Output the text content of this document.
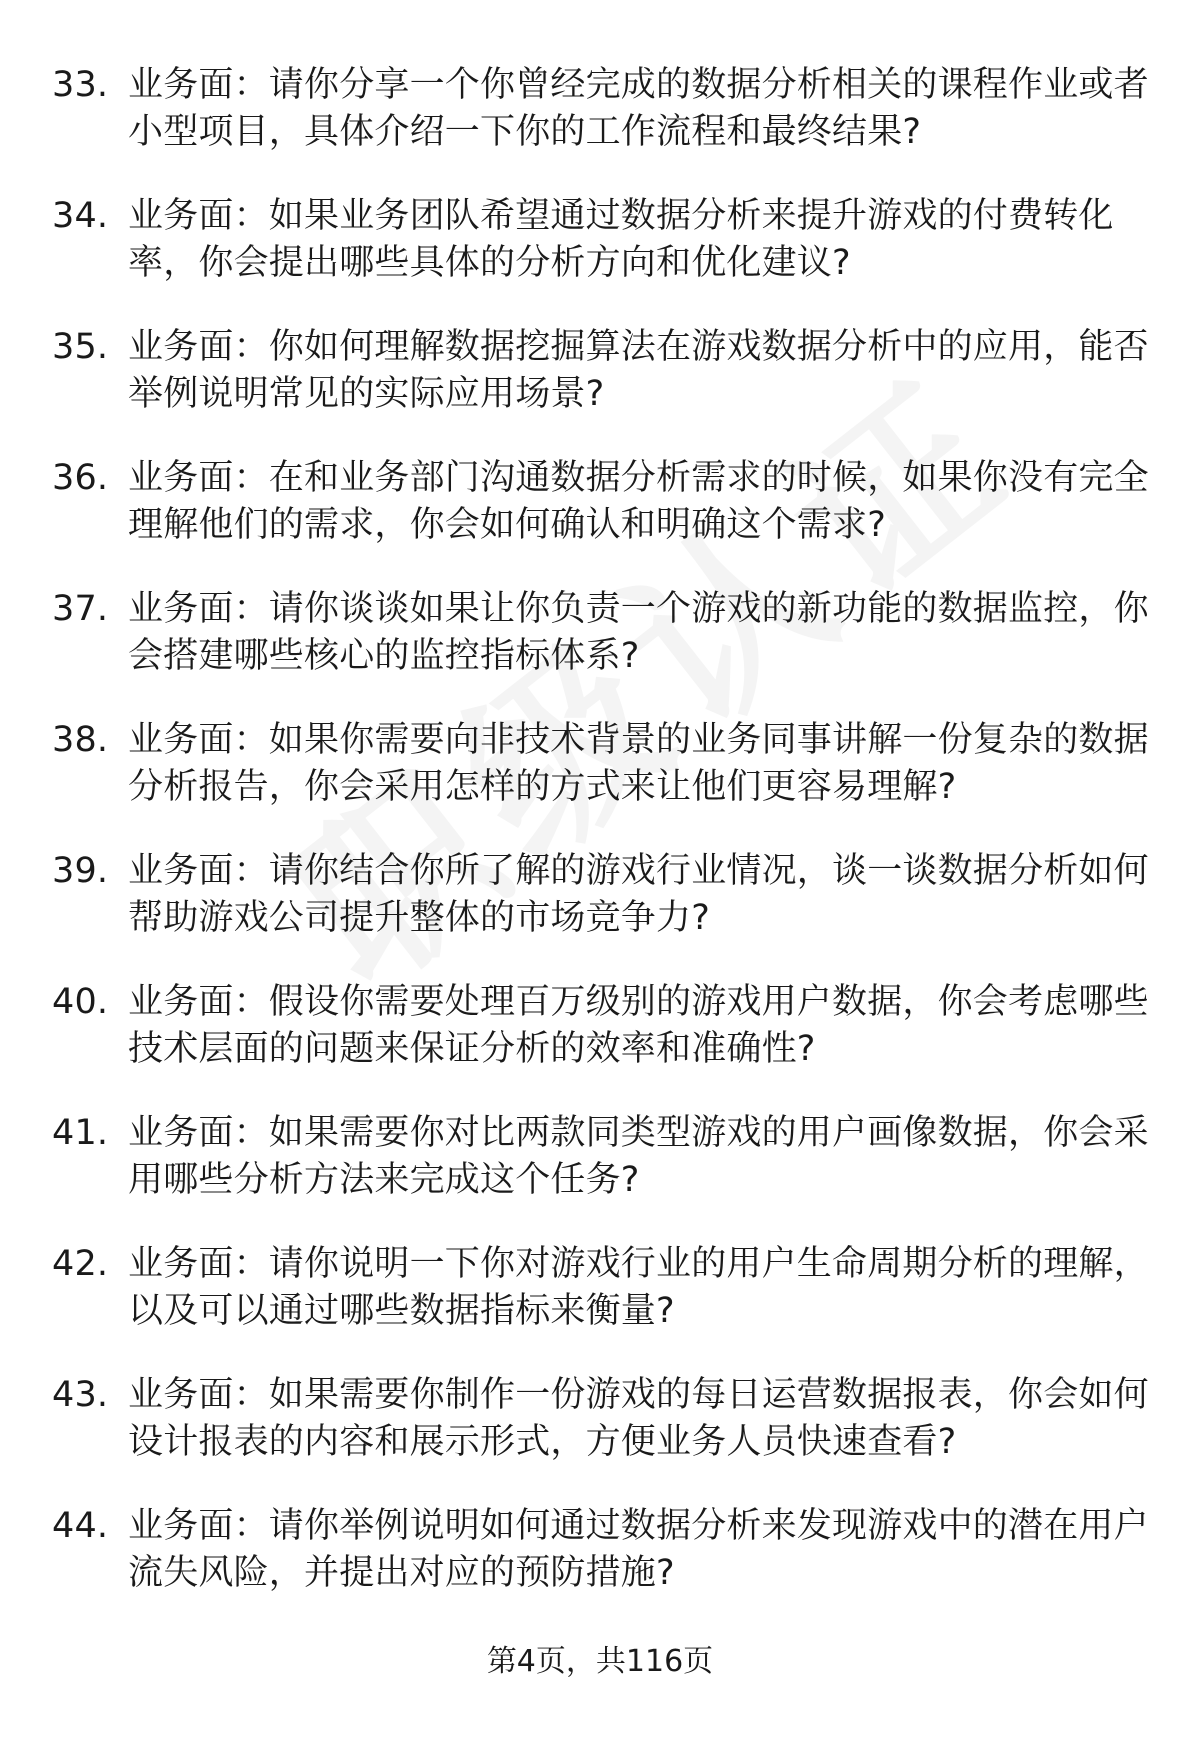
33. 业务面：请你分享一个你曾经完成的数据分析相关的课程作业或者小型项目，具体介绍一下你的工作流程和最终结果?
34. 业务面：如果业务团队希望通过数据分析来提升游戏的付费转化率，你会提出哪些具体的分析方向和优化建议?
35. 业务面：你如何理解数据挖掘算法在游戏数据分析中的应用，能否举例说明常见的实际应用场景?
36. 业务面：在和业务部门沟通数据分析需求的时候，如果你没有完全理解他们的需求，你会如何确认和明确这个需求?
37. 业务面：请你谈谈如果让你负责一个游戏的新功能的数据监控，你会搭建哪些核心的监控指标体系?
38. 业务面：如果你需要向非技术背景的业务同事讲解一份复杂的数据分析报告，你会采用怎样的方式来让他们更容易理解?
39. 业务面：请你结合你所了解的游戏行业情况，谈一谈数据分析如何帮助游戏公司提升整体的市场竞争力?
40. 业务面：假设你需要处理百万级别的游戏用户数据，你会考虑哪些技术层面的问题来保证分析的效率和准确性?
41. 业务面：如果需要你对比两款同类型游戏的用户画像数据，你会采用哪些分析方法来完成这个任务?
42. 业务面：请你说明一下你对游戏行业的用户生命周期分析的理解，以及可以通过哪些数据指标来衡量?
43. 业务面：如果需要你制作一份游戏的每日运营数据报表，你会如何设计报表的内容和展示形式，方便业务人员快速查看?
44. 业务面：请你举例说明如何通过数据分析来发现游戏中的潜在用户流失风险，并提出对应的预防措施?
第4页，共116页
